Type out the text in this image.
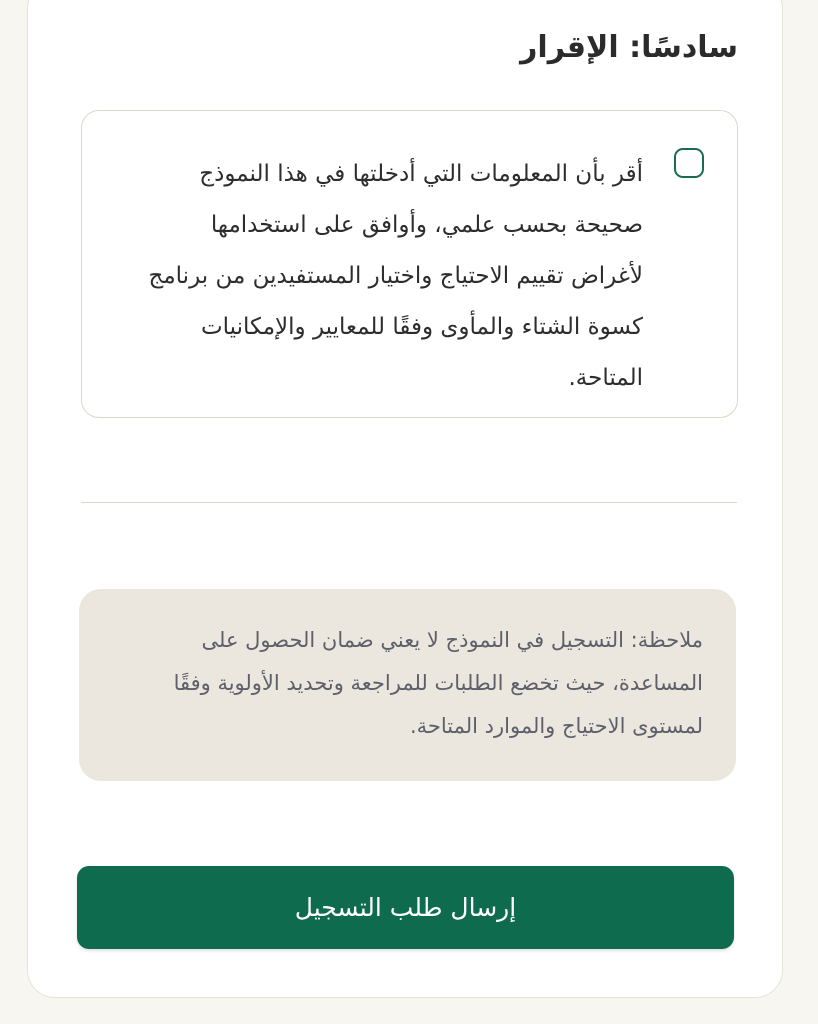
سادسًا: الإقرار

أقر بأن المعلومات التي أدخلتها في هذا النموذج صحيحة بحسب علمي، وأوافق على استخدامها لأغراض تقييم الاحتياج واختيار المستفيدين من برنامج كسوة الشتاء والمأوى وفقًا للمعايير والإمكانيات المتاحة.

ملاحظة: التسجيل في النموذج لا يعني ضمان الحصول على المساعدة، حيث تخضع الطلبات للمراجعة وتحديد الأولوية وفقًا لمستوى الاحتياج والموارد المتاحة.

إرسال طلب التسجيل
